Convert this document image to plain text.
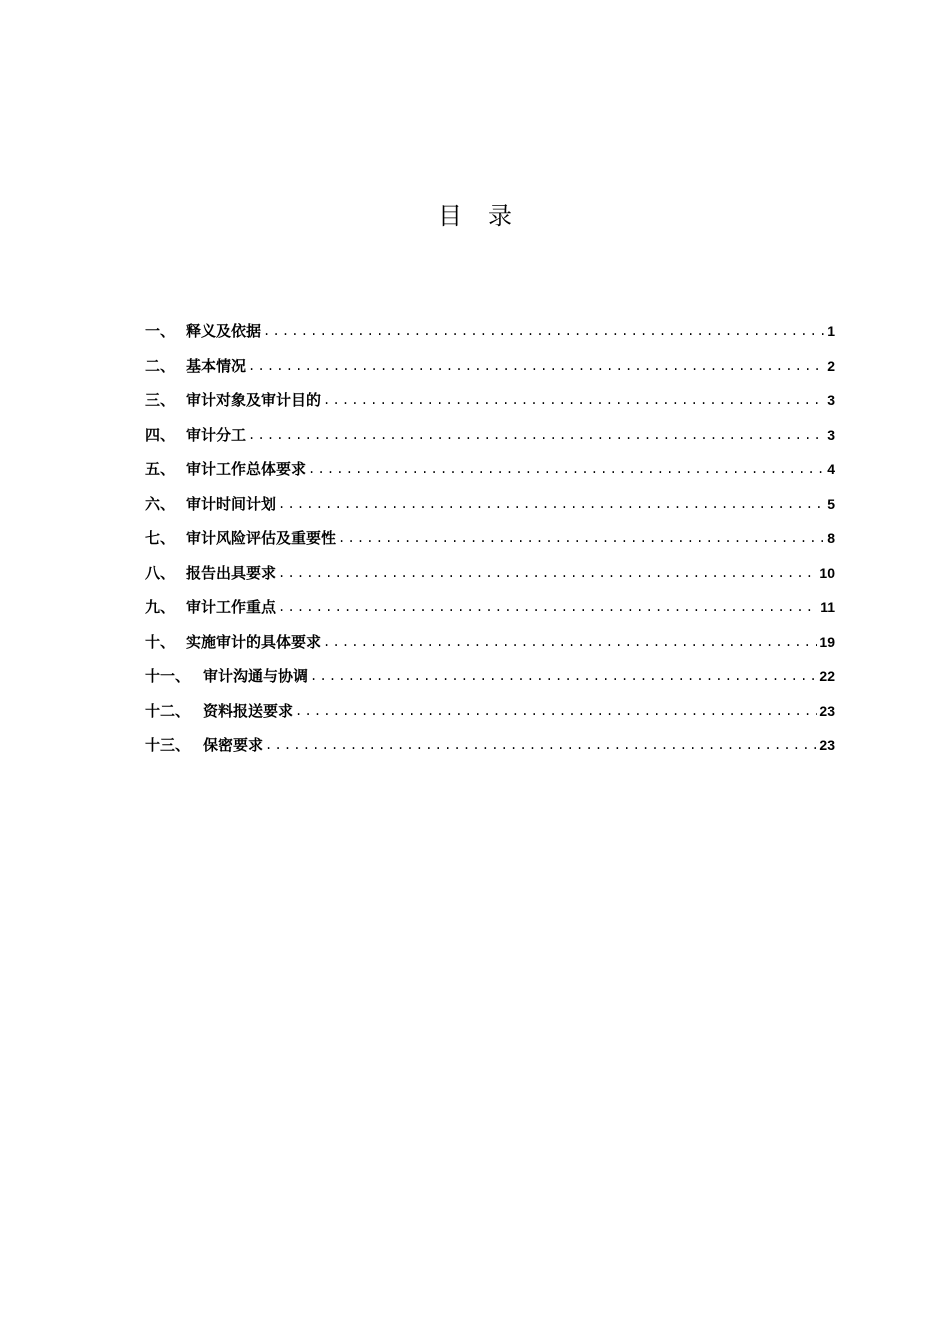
目 录
一、 释义及依据 .....	1
二、 基本情况 .....	2
三、 审计对象及审计目的 .....	3
四、 审计分工 .....	3
五、 审计工作总体要求 .....	4
六、 审计时间计划 .....	5
七、 审计风险评估及重要性 .....	8
八、 报告出具要求 .....	10
九、 审计工作重点 .....	11
十、 实施审计的具体要求 .....	19
十一、 审计沟通与协调 .....	22
十二、 资料报送要求 .....	23
十三、 保密要求 .....	23
